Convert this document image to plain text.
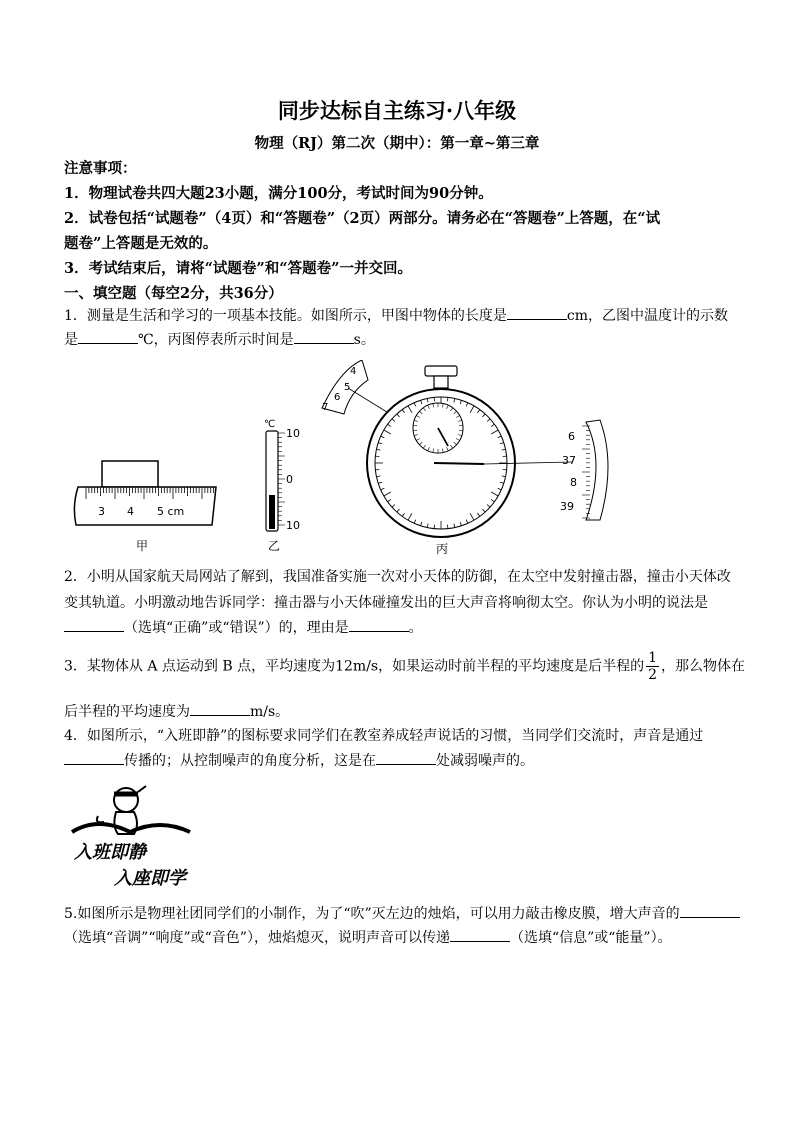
同步达标自主练习·八年级
物理（RJ）第二次（期中）：第一章~第三章
注意事项：
1．物理试卷共四大题23小题，满分100分，考试时间为90分钟。
2．试卷包括“试题卷”（4页）和“答题卷”（2页）两部分。请务必在“答题卷”上答题，在“试
题卷”上答题是无效的。
3．考试结束后，请将“试题卷”和“答题卷”一并交回。
一、填空题（每空2分，共36分）
1．测量是生活和学习的一项基本技能。如图所示，甲图中物体的长度是	cm，乙图中温度计的示数
是	℃，丙图停表所示时间是	s。
3 4 5 cm
甲
℃
10
0
10
乙
4
5
6
7
6
37
8
39
丙
2．小明从国家航天局网站了解到，我国准备实施一次对小天体的防御，在太空中发射撞击器，撞击小天体改
变其轨道。小明激动地告诉同学：撞击器与小天体碰撞发出的巨大声音将响彻太空。你认为小明的说法是
（选填“正确”或“错误”）的，理由是	。
3．某物体从 A 点运动到 B 点，平均速度为12m/s，如果运动时前半程的平均速度是后半程的 $\frac{1}{2}$ ，那么物体在
后半程的平均速度为	m/s。
4．如图所示，“入班即静”的图标要求同学们在教室养成轻声说话的习惯，当同学们交流时，声音是通过
传播的；从控制噪声的角度分析，这是在	处减弱噪声的。
入班即静
入座即学
5.如图所示是物理社团同学们的小制作，为了“吹”灭左边的烛焰，可以用力敲击橡皮膜，增大声音的
（选填“音调”“响度”或“音色”），烛焰熄灭，说明声音可以传递	（选填“信息”或“能量”）。
